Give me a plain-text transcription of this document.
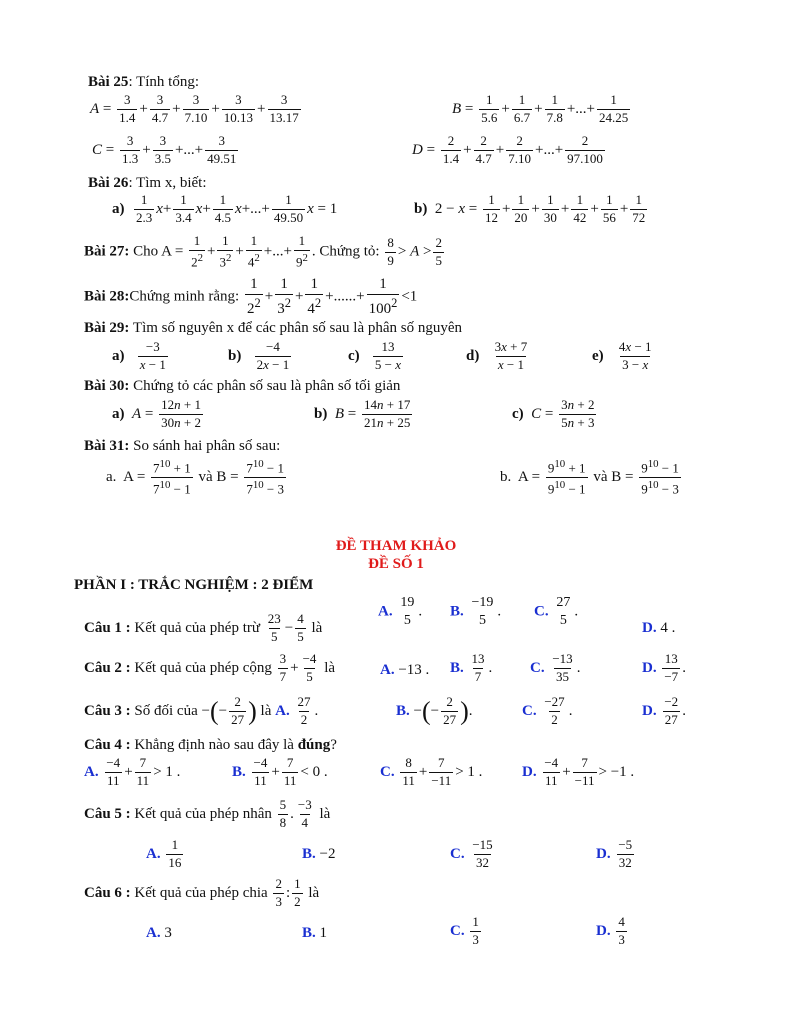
Bài 25: Tính tổng:
$A = \frac{3}{1.4} + \frac{3}{4.7} + \frac{3}{7.10} + \frac{3}{10.13} + \frac{3}{13.17}$	$B = \frac{1}{5.6} + \frac{1}{6.7} + \frac{1}{7.8}$ +...+ $\frac{1}{24.25}$
$C = \frac{3}{1.3} + \frac{3}{3.5}$ +...+ $\frac{3}{49.51}$	$D = \frac{2}{1.4} + \frac{2}{4.7} + \frac{2}{7.10}$ +...+ $\frac{2}{97.100}$
Bài 26: Tìm x, biết:
$a) \frac{1}{2.3} x+ \frac{1}{3.4} x+ \frac{1}{4.5} x+...+ \frac{1}{49.50}$ x = 1	b)  $2 - x = \frac{1}{12} + \frac{1}{20} + \frac{1}{30} + \frac{1}{42} + \frac{1}{56} + \frac{1}{72}$
Bài 27: Cho $A = \frac{1}{2^2} + \frac{1}{3^2} + \frac{1}{4^2}$ +...+ $\frac{1}{9^2}$ . Chứng tỏ: $\frac{8}{9} > A > \frac{2}{5}$
Bài 28:Chứng minh rằng: $\frac{1}{2^2} + \frac{1}{3^2} + \frac{1}{4^2}$ +......+ $\frac{1}{100^2} <1$
Bài 29: Tìm số nguyên x để các phân số sau là phân số nguyên
$a) \frac{-3}{x - 1}$	$b) \frac{-4}{2x - 1}$	$c) \frac{13}{5 - x}$	$d) \frac{3x + 7}{x - 1}$	$e) \frac{4x - 1}{3 - x}$
Bài 30: Chứng tỏ các phân số sau là phân số tối giản
a) $A = \frac{12n + 1}{30n + 2}$	b) $B = \frac{14n + 17}{21n + 25}$	c) $C = \frac{3n + 2}{5n + 3}$
Bài 31: So sánh hai phân số sau:
a.  $A = \frac{7^{10} + 1}{7^{10} - 1}$ và $B = \frac{7^{10} - 1}{7^{10} - 3}$	b.  $A = \frac{9^{10} + 1}{9^{10} - 1}$ và $B = \frac{9^{10} - 1}{9^{10} - 3}$
ĐỀ THAM KHẢO
ĐỀ SỐ 1
PHẦN I : TRẮC NGHIỆM : 2 ĐIỂM
Câu 1 : Kết quả của phép trừ $\frac{23}{5} - \frac{4}{5}$ là
A.
19
5
. B.
−19
5
. C.
27
5
.
D. 4 .
Câu 2 : Kết quả của phép cộng $\frac{3}{7} + \frac{-4}{5}$ là	A. −13 . B. $\frac{13}{7}$ .	C. $\frac{-13}{35}$ .	D. $\frac{13}{-7}$ .
Câu 3 : Số đối của −(− $\frac{2}{27}$ ) là A. $\frac{27}{2}$ .	B. −(− $\frac{2}{27}$ ).	C. $\frac{-27}{2}$ .	D. $\frac{-2}{27}$ .
Câu 4 : Khẳng định nào sau đây là đúng?
A. $\frac{-4}{11} + \frac{7}{11} > 1$ .	B. $\frac{-4}{11} + \frac{7}{11} < 0$ .	C. $\frac{8}{11} + \frac{7}{-11} > 1$ .	D. $\frac{-4}{11} + \frac{7}{-11} > -1$ .
Câu 5 : Kết quả của phép nhân $\frac{5}{8}$ . $\frac{-3}{4}$ là
A. $\frac{1}{16}$	B. −2	C. $\frac{-15}{32}$	D. $\frac{-5}{32}$
Câu 6 : Kết quả của phép chia $\frac{2}{3}$ : $\frac{1}{2}$ là
A. 3	B. 1	C. $\frac{1}{3}$	D. $\frac{4}{3}$
